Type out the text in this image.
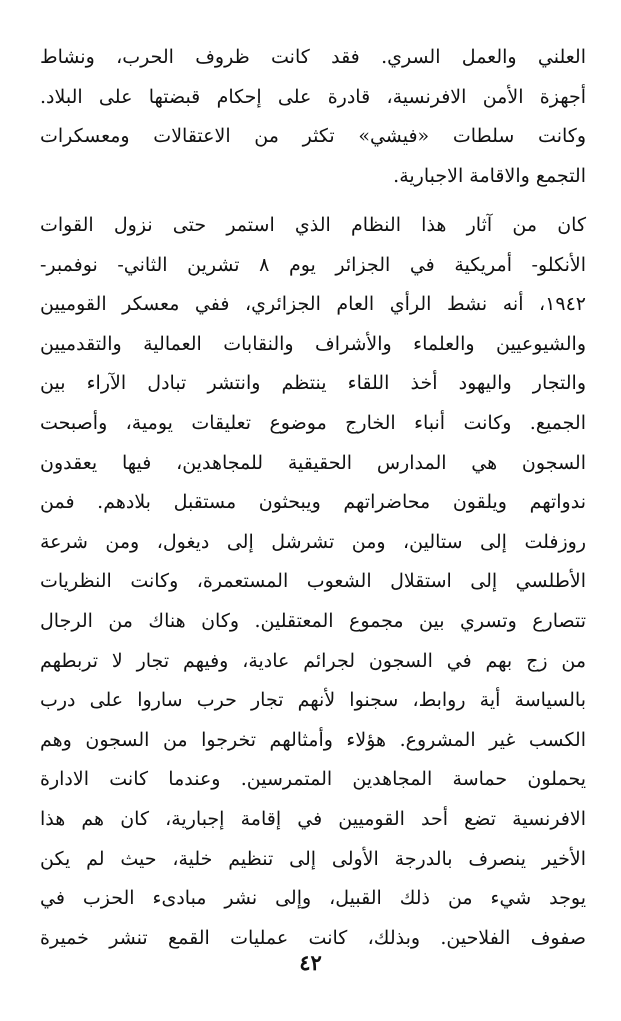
العلني والعمل السري. فقد كانت ظروف الحرب، ونشاط
أجهزة الأمن الافرنسية، قادرة على إحكام قبضتها على البلاد.
وكانت سلطات «فيشي» تكثر من الاعتقالات ومعسكرات
التجمع والاقامة الاجبارية.
كان من آثار هذا النظام الذي استمر حتى نزول القوات
الأنكلو- أمريكية في الجزائر يوم ٨ تشرين الثاني- نوفمبر-
١٩٤٢، أنه نشط الرأي العام الجزائري، ففي معسكر القوميين
والشيوعيين والعلماء والأشراف والنقابات العمالية والتقدميين
والتجار واليهود أخذ اللقاء ينتظم وانتشر تبادل الآراء بين
الجميع. وكانت أنباء الخارج موضوع تعليقات يومية، وأصبحت
السجون هي المدارس الحقيقية للمجاهدين، فيها يعقدون
ندواتهم ويلقون محاضراتهم ويبحثون مستقبل بلادهم. فمن
روزفلت إلى ستالين، ومن تشرشل إلى ديغول، ومن شرعة
الأطلسي إلى استقلال الشعوب المستعمرة، وكانت النظريات
تتصارع وتسري بين مجموع المعتقلين. وكان هناك من الرجال
من زج بهم في السجون لجرائم عادية، وفيهم تجار لا تربطهم
بالسياسة أية روابط، سجنوا لأنهم تجار حرب ساروا على درب
الكسب غير المشروع. هؤلاء وأمثالهم تخرجوا من السجون وهم
يحملون حماسة المجاهدين المتمرسين. وعندما كانت الادارة
الافرنسية تضع أحد القوميين في إقامة إجبارية، كان هم هذا
الأخير ينصرف بالدرجة الأولى إلى تنظيم خلية، حيث لم يكن
يوجد شيء من ذلك القبيل، وإلى نشر مبادىء الحزب في
صفوف الفلاحين. وبذلك، كانت عمليات القمع تنشر خميرة
٤٢
